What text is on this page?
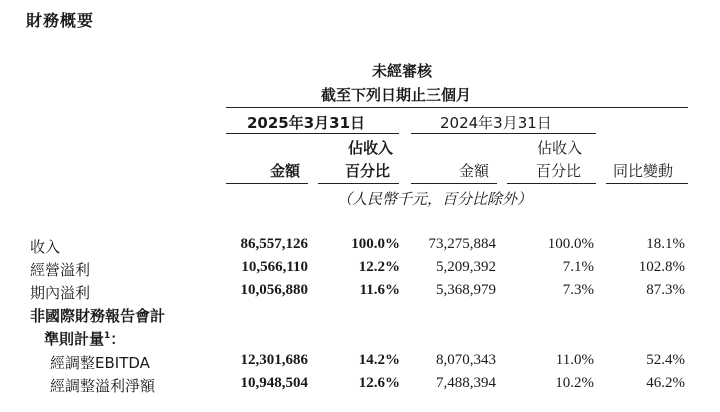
財務概要
未經審核
截至下列日期止三個月
2025年3月31日	2024年3月31日
佔收入	佔收入
金額	百分比	金額	百分比 同比變動
（人民幣千元，百分比除外）
收入	86,557,126	100.0% 73,275,884	100.0%	18.1%
經營溢利	10,566,110	12.2% 5,209,392	7.1%	102.8%
期內溢利	10,056,880	11.6% 5,368,979	7.3%	87.3%
非國際財務報告會計
準則計量$^1$：
經調整EBITDA	12,301,686	14.2% 8,070,343	11.0%	52.4%
經調整溢利淨額	10,948,504	12.6% 7,488,394	10.2%	46.2%
